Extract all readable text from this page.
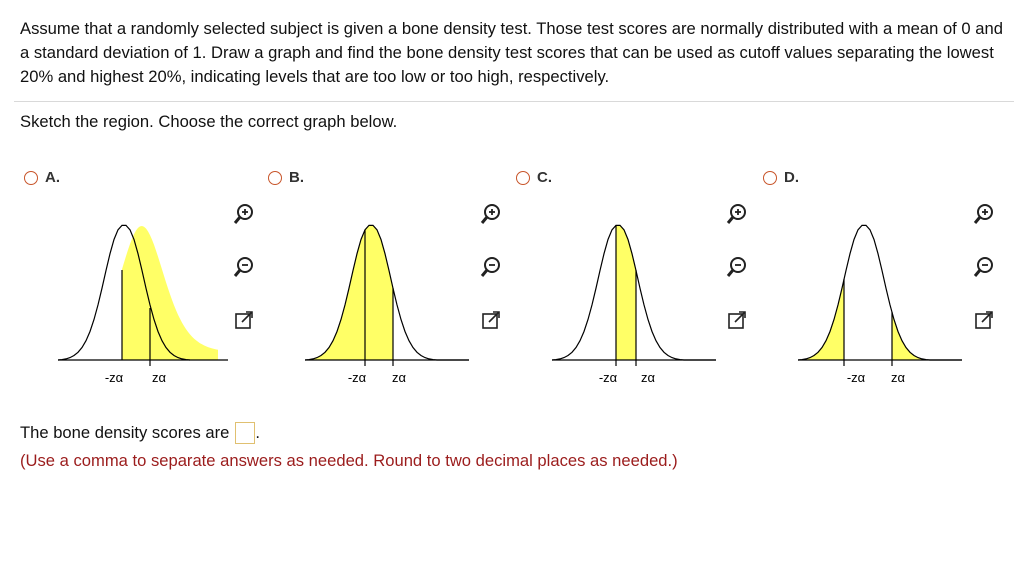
Assume that a randomly selected subject is given a bone density test. Those test scores are normally distributed with a mean of 0 and a standard deviation of 1. Draw a graph and find the bone density test scores that can be used as cutoff values separating the lowest 20% and highest 20%, indicating levels that are too low or too high, respectively.
Sketch the region. Choose the correct graph below.
A.	B.	C.	D.
-zα zα	-zα zα	-zα zα	-zα zα
The bone density scores are .
(Use a comma to separate answers as needed. Round to two decimal places as needed.)
